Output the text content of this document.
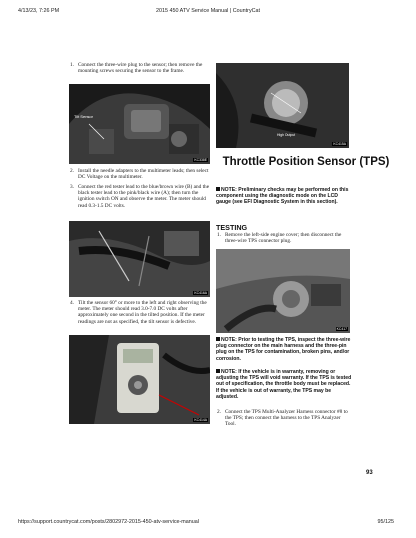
4/13/23, 7:26 PM	2015 450 ATV Service Manual | CountryCat
https://support.countrycat.com/posts/2802972-2015-450-atv-service-manual	95/125
1. Connect the three-wire plug to the sensor; then remove the mounting screws securing the sensor to the frame.
Tilt Sensor
KC338E
2. Install the needle adapters to the multimeter leads; then select DC Voltage on the multimeter.
3. Connect the red tester lead to the blue/brown wire (B) and the black tester lead to the pink/black wire (A); then turn the ignition switch ON and observe the meter. The meter should read 0.3-1.5 DC volts.
KC416A
4. Tilt the sensor 60° or more to the left and right observing the meter. The meter should read 3.0-7.0 DC volts after approximately one second in the tilted position. If the meter readings are not as specified, the tilt sensor is defective.
KC414A
High Output
KC415A
Throttle Position Sensor (TPS)
NOTE: Preliminary checks may be performed on this component using the diagnostic mode on the LCD gauge (see EFI Diagnostic System in this section).
TESTING
1. Remove the left-side engine cover; then disconnect the three-wire TPS connector plug.
KC417
NOTE: Prior to testing the TPS, inspect the three-wire plug connector on the main harness and the three-pin plug on the TPS for contamination, broken pins, and/or corrosion.
NOTE: If the vehicle is in warranty, removing or adjusting the TPS will void warranty. If the TPS is tested out of specification, the throttle body must be replaced. If the vehicle is out of warranty, the TPS may be adjusted.
2. Connect the TPS Multi-Analyzer Harness connector #8 to the TPS; then connect the harness to the TPS Analyzer Tool.
93
